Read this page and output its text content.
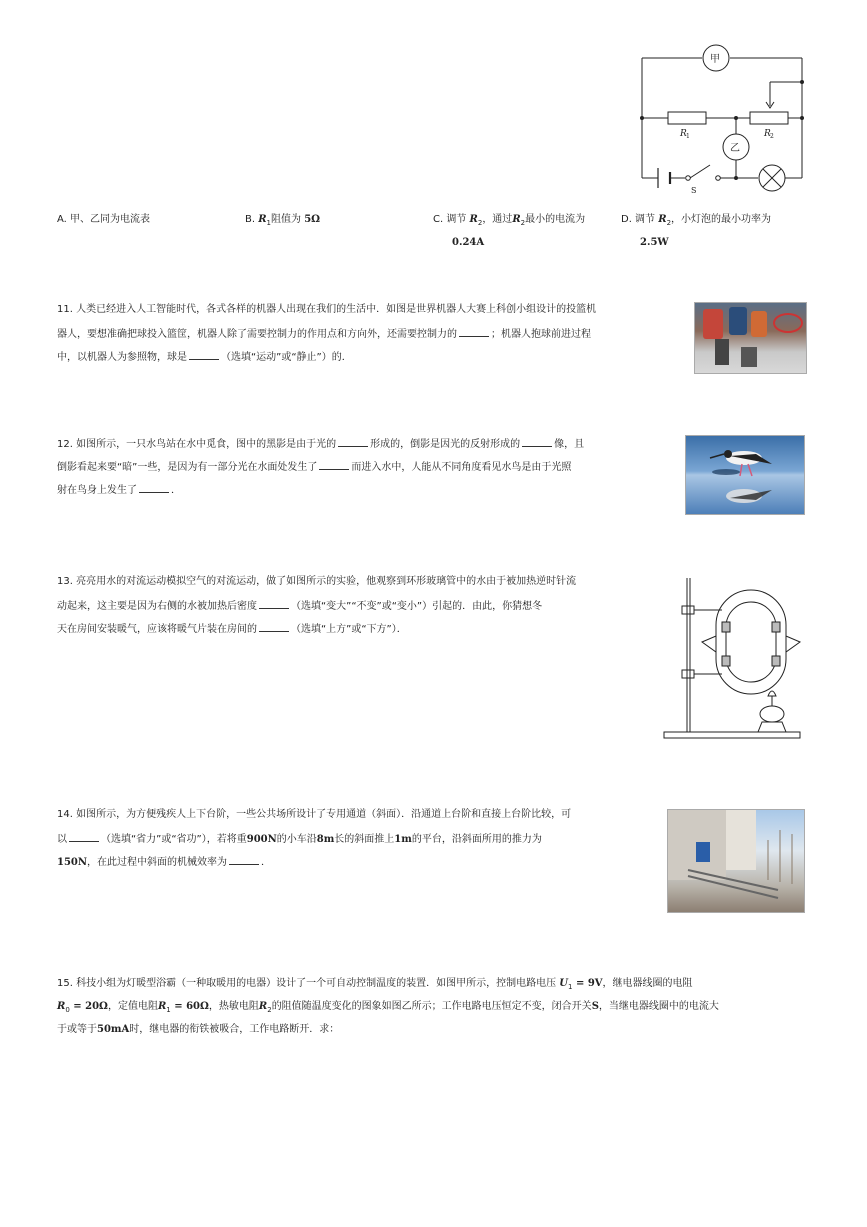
甲
乙
R 1	R 2
S
A. 甲、乙同为电流表	B. $R_1$阻值为 5Ω	C. 调节 $R_2$，通过$R_2$最小的电流为
0.24A
D. 调节 $R_2$，小灯泡的最小功率为
2.5W
11. 人类已经进入人工智能时代，各式各样的机器人出现在我们的生活中．如图是世界机器人大赛上科创小组设计的投篮机
器人，要想准确把球投入篮筐，机器人除了需要控制力的作用点和方向外，还需要控制力的	；机器人抱球前进过程
中，以机器人为参照物，球是	（选填“运动”或“静止”）的．
12. 如图所示，一只水鸟站在水中觅食，图中的黑影是由于光的	形成的，倒影是因光的反射形成的	像，且
倒影看起来要“暗”一些，是因为有一部分光在水面处发生了	而进入水中，人能从不同角度看见水鸟是由于光照
射在鸟身上发生了	．
13. 亮亮用水的对流运动模拟空气的对流运动，做了如图所示的实验，他观察到环形玻璃管中的水由于被加热逆时针流
动起来，这主要是因为右侧的水被加热后密度	（选填“变大”“不变”或“变小”）引起的．由此，你猜想冬
天在房间安装暖气，应该将暖气片装在房间的	（选填“上方”或“下方”）．
14. 如图所示，为方便残疾人上下台阶，一些公共场所设计了专用通道（斜面）．沿通道上台阶和直接上台阶比较，可
以	（选填“省力”或“省功”），若将重900N的小车沿8m长的斜面推上1m的平台，沿斜面所用的推力为
150N，在此过程中斜面的机械效率为	．
15. 科技小组为灯暖型浴霸（一种取暖用的电器）设计了一个可自动控制温度的装置．如图甲所示，控制电路电压 $U_1 = 9V$，继电器线圈的电阻
$R_0 = 20\Omega$，定值电阻$R_1 = 60\Omega$，热敏电阻$R_2$的阻值随温度变化的图象如图乙所示；工作电路电压恒定不变，闭合开关S，当继电器线圈中的电流大
于或等于50mA时，继电器的衔铁被吸合，工作电路断开．求：
